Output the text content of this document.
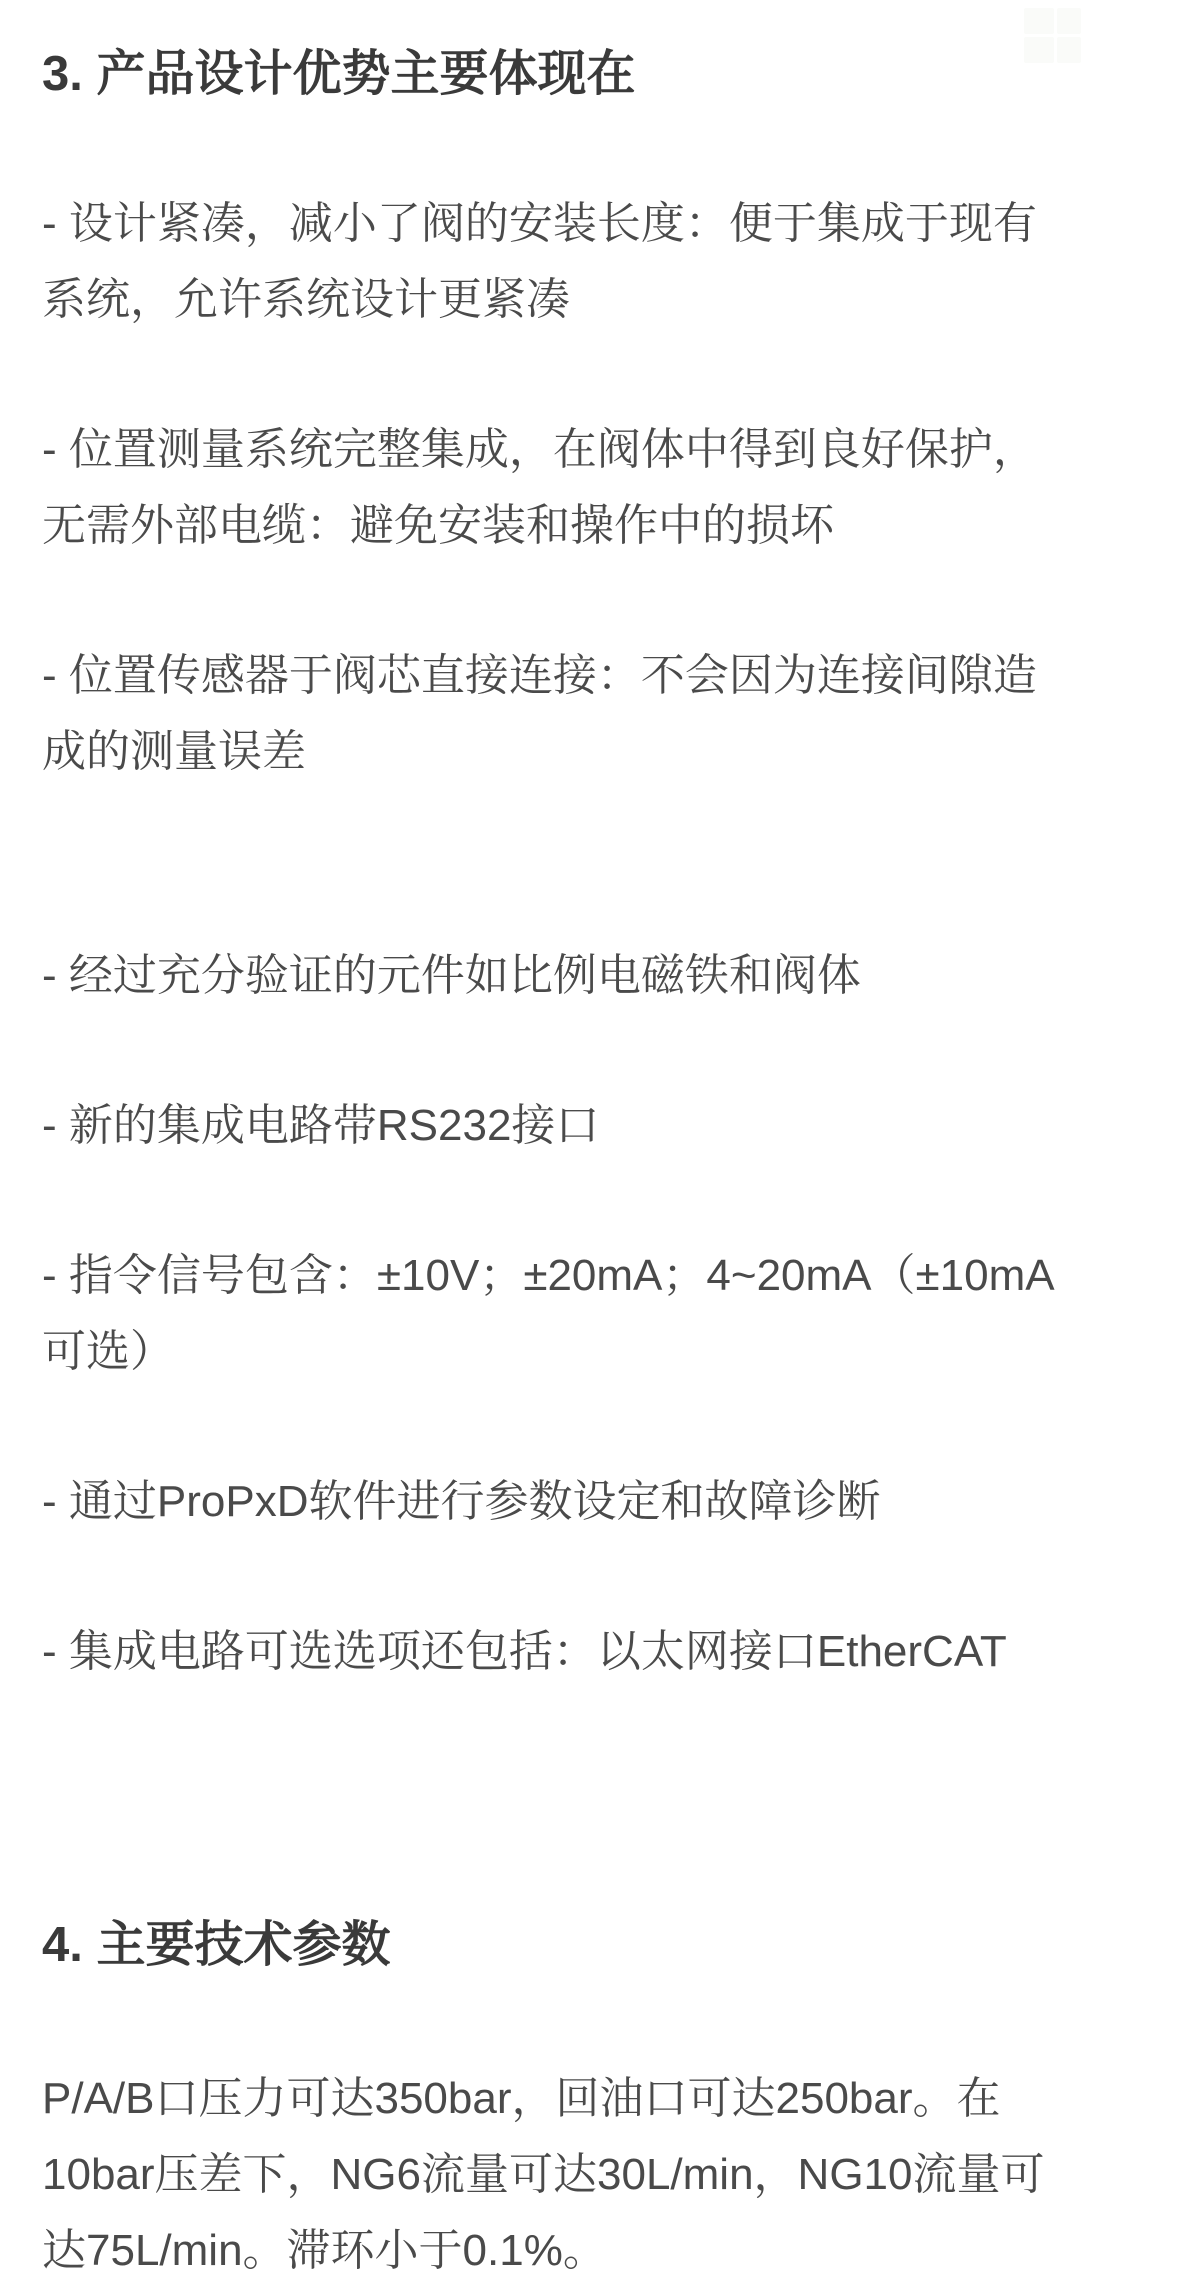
3. 产品设计优势主要体现在
- 设计紧凑，减小了阀的安装长度：便于集成于现有
系统，允许系统设计更紧凑
- 位置测量系统完整集成，在阀体中得到良好保护，
无需外部电缆：避免安装和操作中的损坏
- 位置传感器于阀芯直接连接：不会因为连接间隙造
成的测量误差
- 经过充分验证的元件如比例电磁铁和阀体
- 新的集成电路带RS232接口
- 指令信号包含：±10V；±20mA；4~20mA（±10mA
可选）
- 通过ProPxD软件进行参数设定和故障诊断
- 集成电路可选选项还包括：以太网接口EtherCAT
4. 主要技术参数
P/A/B口压力可达350bar，回油口可达250bar。在
10bar压差下，NG6流量可达30L/min，NG10流量可
达75L/min。滞环小于0.1%。
